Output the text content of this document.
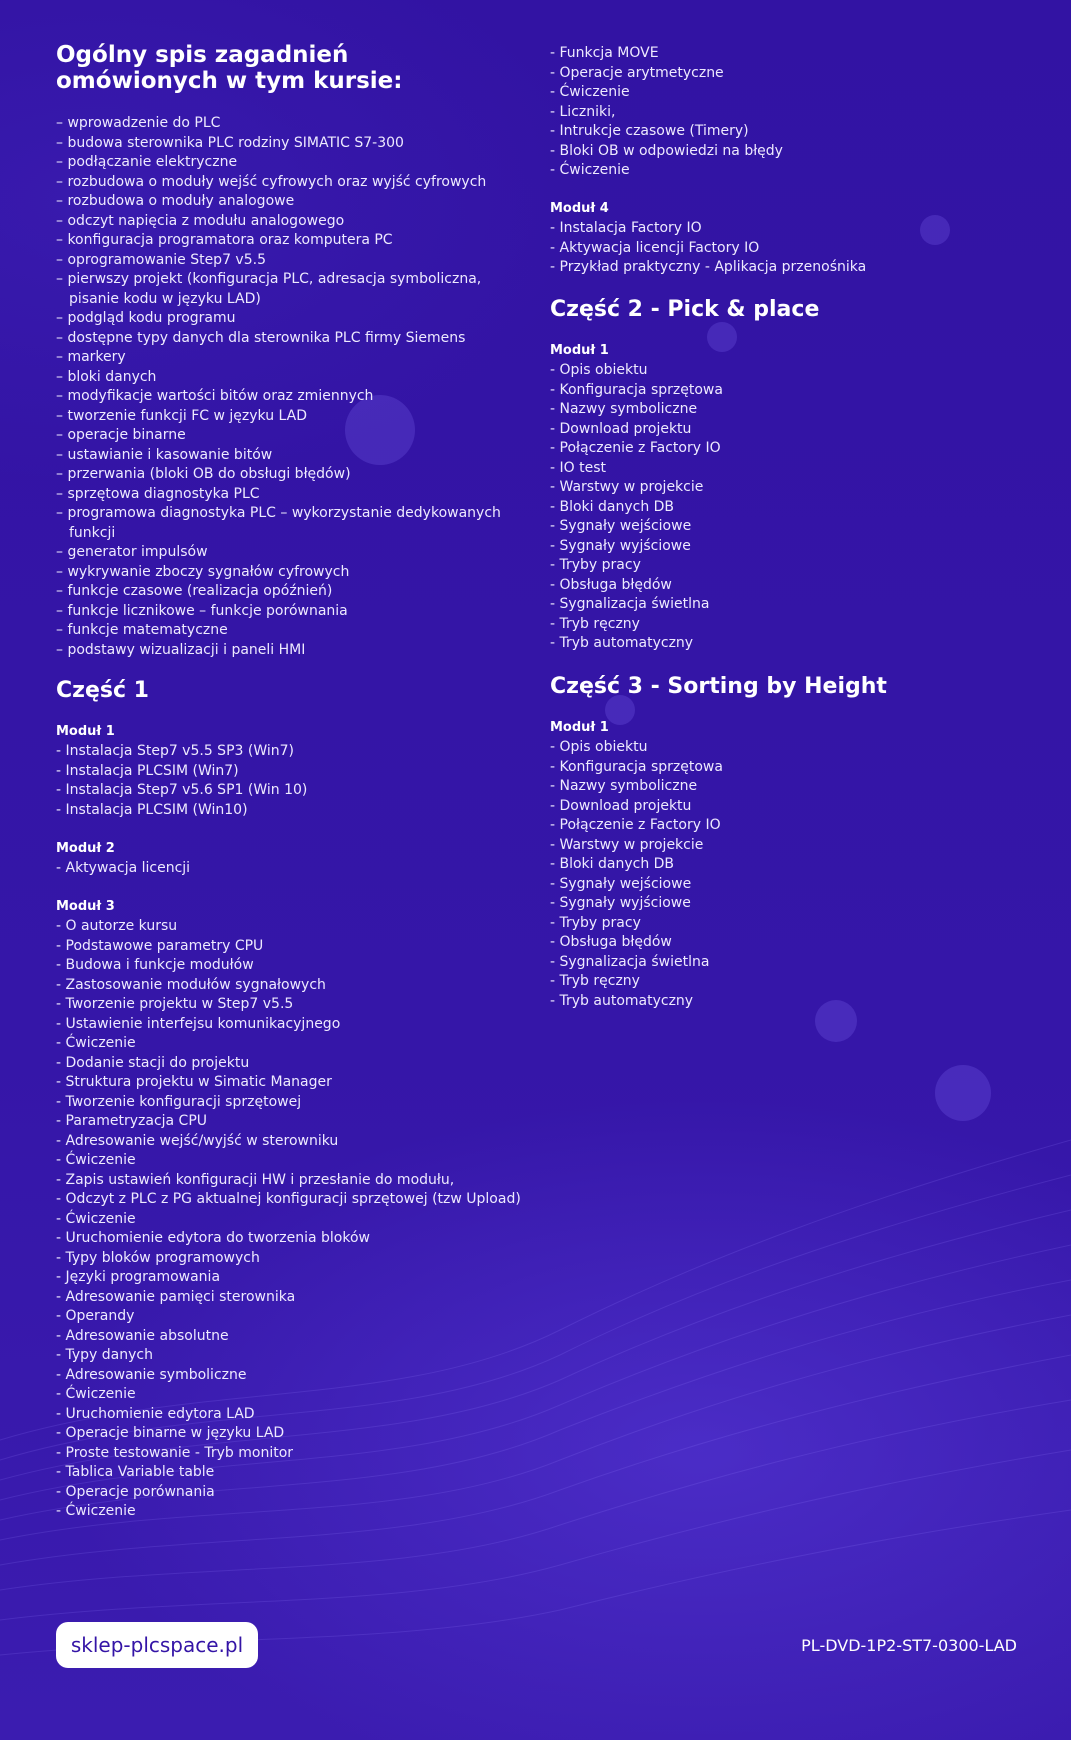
Ogólny spis zagadnień omówionych w tym kursie:
– wprowadzenie do PLC
– budowa sterownika PLC rodziny SIMATIC S7-300
– podłączanie elektryczne
– rozbudowa o moduły wejść cyfrowych oraz wyjść cyfrowych
– rozbudowa o moduły analogowe
– odczyt napięcia z modułu analogowego
– konfiguracja programatora oraz komputera PC
– oprogramowanie Step7 v5.5
– pierwszy projekt (konfiguracja PLC, adresacja symboliczna, pisanie kodu w języku LAD)
– podgląd kodu programu
– dostępne typy danych dla sterownika PLC firmy Siemens
– markery
– bloki danych
– modyfikacje wartości bitów oraz zmiennych
– tworzenie funkcji FC w języku LAD
– operacje binarne
– ustawianie i kasowanie bitów
– przerwania (bloki OB do obsługi błędów)
– sprzętowa diagnostyka PLC
– programowa diagnostyka PLC – wykorzystanie dedykowanych funkcji
– generator impulsów
– wykrywanie zboczy sygnałów cyfrowych
– funkcje czasowe (realizacja opóźnień)
– funkcje licznikowe – funkcje porównania
– funkcje matematyczne
– podstawy wizualizacji i paneli HMI
Część 1
Moduł 1
- Instalacja Step7 v5.5 SP3 (Win7)
- Instalacja PLCSIM (Win7)
- Instalacja Step7 v5.6 SP1 (Win 10)
- Instalacja PLCSIM (Win10)
Moduł 2
- Aktywacja licencji
Moduł 3
- O autorze kursu
- Podstawowe parametry CPU
- Budowa i funkcje modułów
- Zastosowanie modułów sygnałowych
- Tworzenie projektu w Step7 v5.5
- Ustawienie interfejsu komunikacyjnego
- Ćwiczenie
- Dodanie stacji do projektu
- Struktura projektu w Simatic Manager
- Tworzenie konfiguracji sprzętowej
- Parametryzacja CPU
- Adresowanie wejść/wyjść w sterowniku
- Ćwiczenie
- Zapis ustawień konfiguracji HW i przesłanie do modułu,
- Odczyt z PLC z PG aktualnej konfiguracji sprzętowej (tzw Upload)
- Ćwiczenie
- Uruchomienie edytora do tworzenia bloków
- Typy bloków programowych
- Języki programowania
- Adresowanie pamięci sterownika
- Operandy
- Adresowanie absolutne
- Typy danych
- Adresowanie symboliczne
- Ćwiczenie
- Uruchomienie edytora LAD
- Operacje binarne w języku LAD
- Proste testowanie - Tryb monitor
- Tablica Variable table
- Operacje porównania
- Ćwiczenie
- Funkcja MOVE
- Operacje arytmetyczne
- Ćwiczenie
- Liczniki,
- Intrukcje czasowe (Timery)
- Bloki OB w odpowiedzi na błędy
- Ćwiczenie
Moduł 4
- Instalacja Factory IO
- Aktywacja licencji Factory IO
- Przykład praktyczny - Aplikacja przenośnika
Część 2 - Pick & place
Moduł 1
- Opis obiektu
- Konfiguracja sprzętowa
- Nazwy symboliczne
- Download projektu
- Połączenie z Factory IO
- IO test
- Warstwy w projekcie
- Bloki danych DB
- Sygnały wejściowe
- Sygnały wyjściowe
- Tryby pracy
- Obsługa błędów
- Sygnalizacja świetlna
- Tryb ręczny
- Tryb automatyczny
Część 3 - Sorting by Height
Moduł 1
- Opis obiektu
- Konfiguracja sprzętowa
- Nazwy symboliczne
- Download projektu
- Połączenie z Factory IO
- Warstwy w projekcie
- Bloki danych DB
- Sygnały wejściowe
- Sygnały wyjściowe
- Tryby pracy
- Obsługa błędów
- Sygnalizacja świetlna
- Tryb ręczny
- Tryb automatyczny
sklep-plcspace.pl	PL-DVD-1P2-ST7-0300-LAD
